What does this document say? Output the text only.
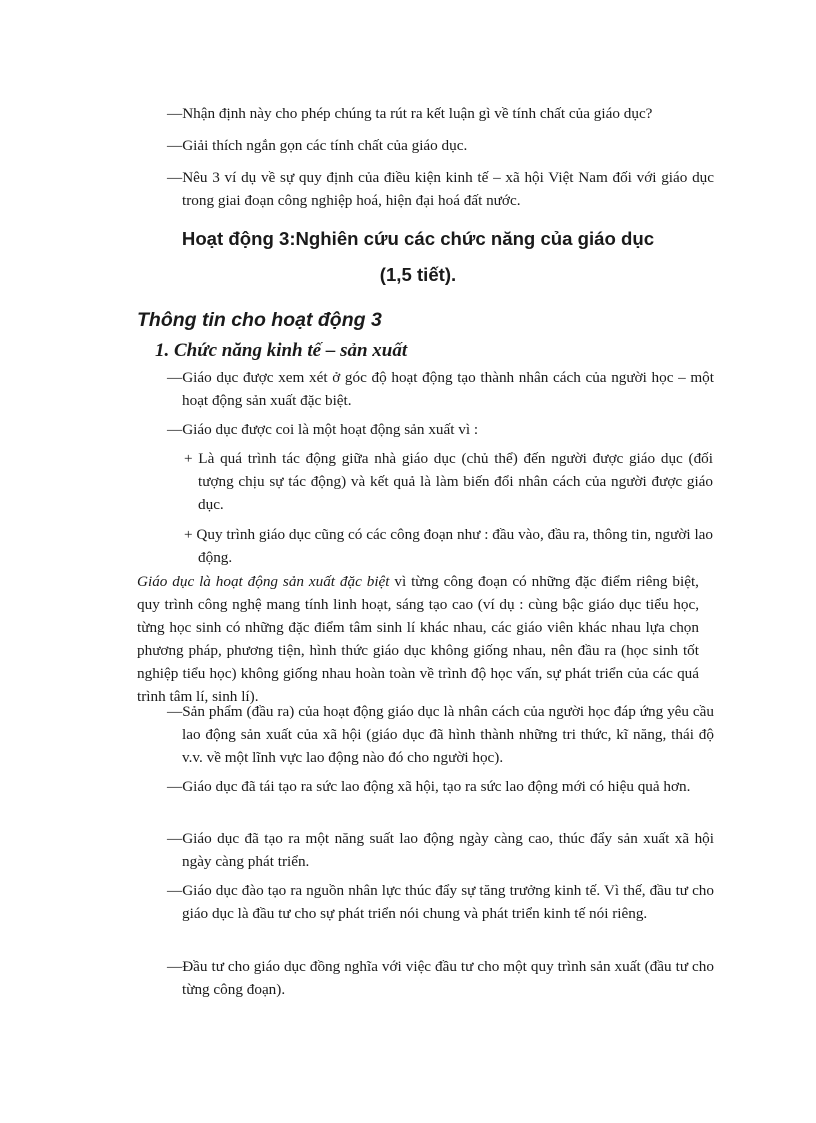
—Nhận định này cho phép chúng ta rút ra kết luận gì về tính chất của giáo dục?
—Giải thích ngắn gọn các tính chất của giáo dục.
—Nêu 3 ví dụ về sự quy định của điều kiện kinh tế – xã hội Việt Nam đối với giáo dục trong giai đoạn công nghiệp hoá, hiện đại hoá đất nước.
Hoạt động 3:Nghiên cứu các chức năng của giáo dục
(1,5 tiết).
Thông tin cho hoạt động 3
1. Chức năng kinh tế – sản xuất
—Giáo dục được xem xét ở góc độ hoạt động tạo thành nhân cách của người học – một hoạt động sản xuất đặc biệt.
—Giáo dục được coi là một hoạt động sản xuất vì :
+ Là quá trình tác động giữa nhà giáo dục (chủ thể) đến người được giáo dục (đối tượng chịu sự tác động) và kết quả là làm biến đổi nhân cách của người được giáo dục.
+ Quy trình giáo dục cũng có các công đoạn như : đầu vào, đầu ra, thông tin, người lao động.
Giáo dục là hoạt động sản xuất đặc biệt vì từng công đoạn có những đặc điểm riêng biệt, quy trình công nghệ mang tính linh hoạt, sáng tạo cao (ví dụ : cùng bậc giáo dục tiểu học, từng học sinh có những đặc điểm tâm sinh lí khác nhau, các giáo viên khác nhau lựa chọn phương pháp, phương tiện, hình thức giáo dục không giống nhau, nên đầu ra (học sinh tốt nghiệp tiểu học) không giống nhau hoàn toàn về trình độ học vấn, sự phát triển của các quá trình tâm lí, sinh lí).
—Sản phẩm (đầu ra) của hoạt động giáo dục là nhân cách của người học đáp ứng yêu cầu lao động sản xuất của xã hội (giáo dục đã hình thành những tri thức, kĩ năng, thái độ v.v. về một lĩnh vực lao động nào đó cho người học).
—Giáo dục đã tái tạo ra sức lao động xã hội, tạo ra sức lao động mới có hiệu quả hơn.
—Giáo dục đã tạo ra một năng suất lao động ngày càng cao, thúc đẩy sản xuất xã hội ngày càng phát triển.
—Giáo dục đào tạo ra nguồn nhân lực thúc đẩy sự tăng trưởng kinh tế. Vì thế, đầu tư cho giáo dục là đầu tư cho sự phát triển nói chung và phát triển kinh tế nói riêng.
—Đầu tư cho giáo dục đồng nghĩa với việc đầu tư cho một quy trình sản xuất (đầu tư cho từng công đoạn).
